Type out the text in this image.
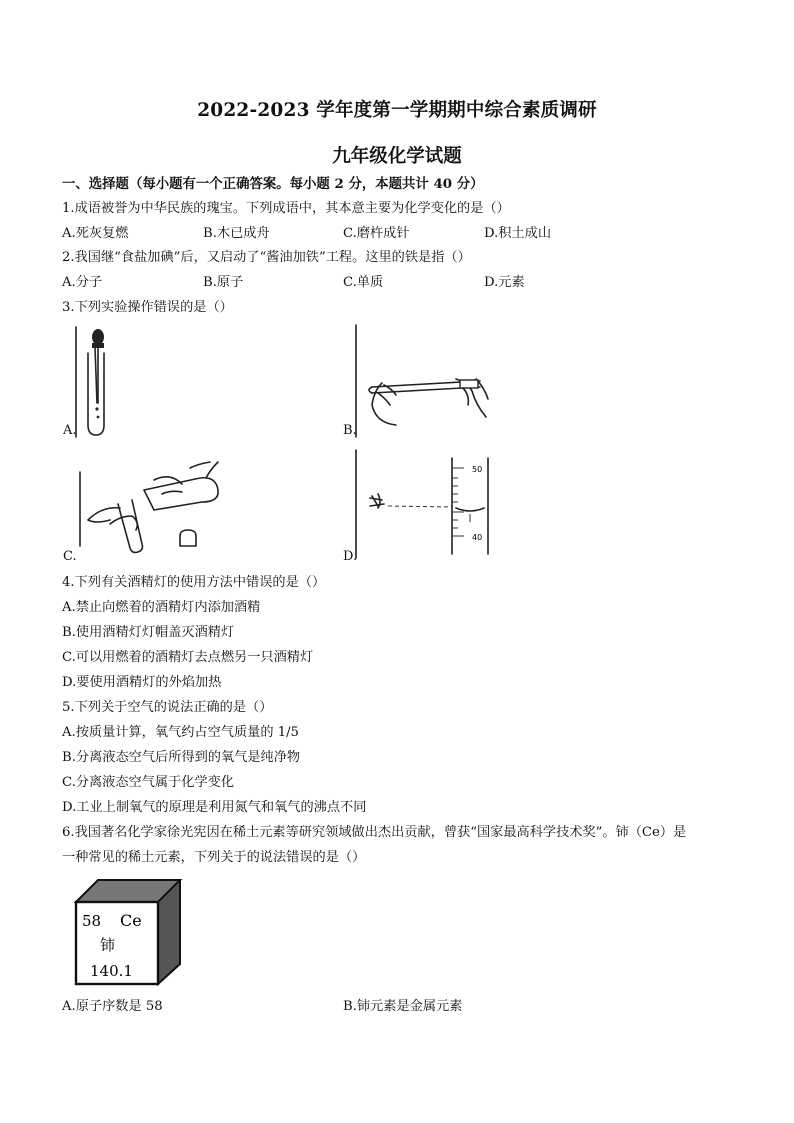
2022-2023 学年度第一学期期中综合素质调研
九年级化学试题
一、选择题（每小题有一个正确答案。每小题 2 分，本题共计 40 分）
1.成语被誉为中华民族的瑰宝。下列成语中，其本意主要为化学变化的是（）
A.死灰复燃	B.木已成舟	C.磨杵成针	D.积土成山
2.我国继“食盐加碘”后，又启动了“酱油加铁”工程。这里的铁是指（）
A.分子	B.原子	C.单质	D.元素
3.下列实验操作错误的是（）
A.	B.
C.
50
40
D.
4.下列有关酒精灯的使用方法中错误的是（）
A.禁止向燃着的酒精灯内添加酒精
B.使用酒精灯灯帽盖灭酒精灯
C.可以用燃着的酒精灯去点燃另一只酒精灯
D.要使用酒精灯的外焰加热
5.下列关于空气的说法正确的是（）
A.按质量计算，氧气约占空气质量的 1/5
B.分离液态空气后所得到的氧气是纯净物
C.分离液态空气属于化学变化
D.工业上制氧气的原理是利用氮气和氧气的沸点不同
6.我国著名化学家徐光宪因在稀土元素等研究领域做出杰出贡献，曾获“国家最高科学技术奖”。铈（Ce）是
一种常见的稀土元素，下列关于的说法错误的是（）
58 Ce
铈
140.1
A.原子序数是 58	B.铈元素是金属元素
